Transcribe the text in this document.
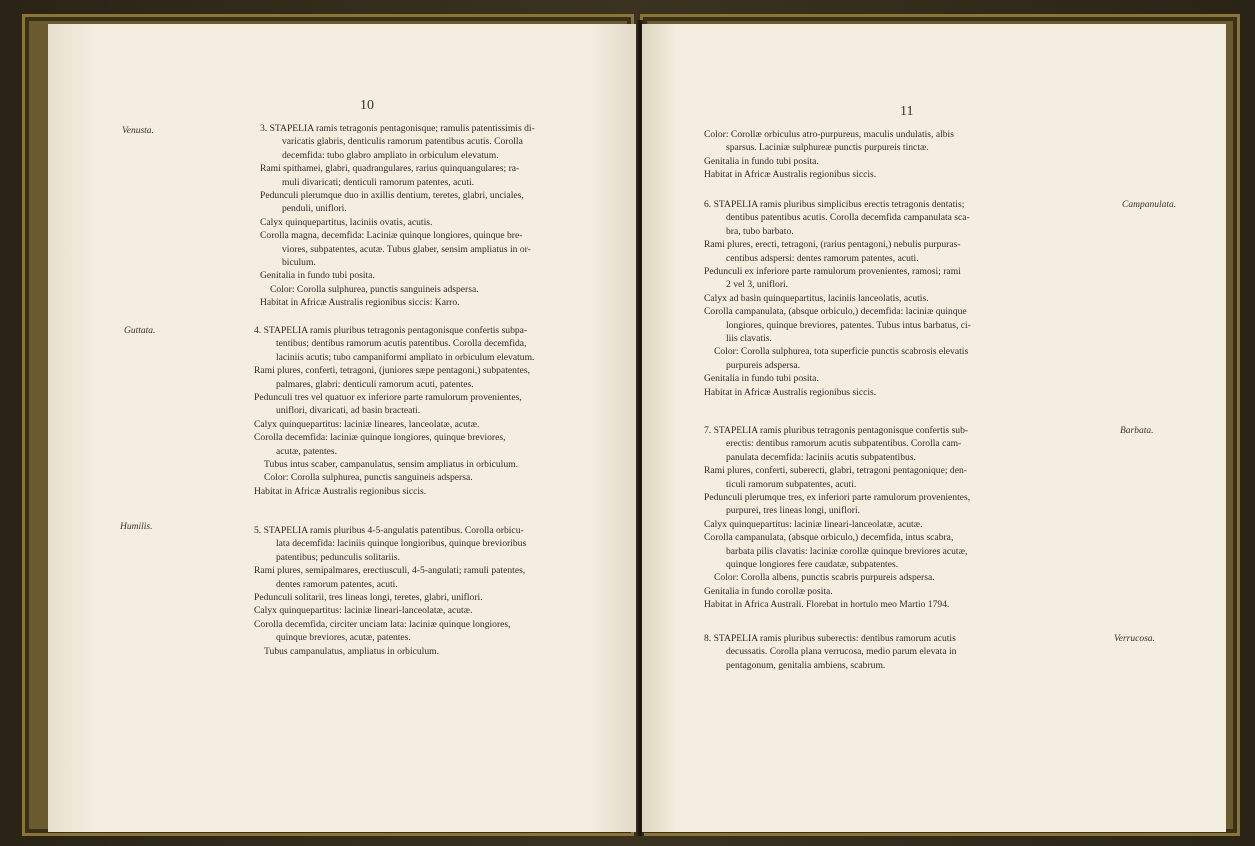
10
Venusta.	3. STAPELIA ramis tetragonis pentagonisque; ramulis patentissimis di-
varicatis glabris, denticulis ramorum patentibus acutis. Corolla
decemfida: tubo glabro ampliato in orbiculum elevatum.
Rami spithamei, glabri, quadrangulares, rarius quinquangulares; ra-
muli divaricati; denticuli ramorum patentes, acuti.
Pedunculi plerumque duo in axillis dentium, teretes, glabri, unciales,
penduli, uniflori.
Calyx quinquepartitus, laciniis ovatis, acutis.
Corolla magna, decemfida: Laciniæ quinque longiores, quinque bre-
viores, subpatentes, acutæ. Tubus glaber, sensim ampliatus in or-
biculum.
Genitalia in fundo tubi posita.
Color: Corolla sulphurea, punctis sanguineis adspersa.
Habitat in Africæ Australis regionibus siccis: Karro.
Guttata.	4. STAPELIA ramis pluribus tetragonis pentagonisque confertis subpa-
tentibus; dentibus ramorum acutis patentibus. Corolla decemfida,
laciniis acutis; tubo campaniformi ampliato in orbiculum elevatum.
Rami plures, conferti, tetragoni, (juniores sæpe pentagoni,) subpatentes,
palmares, glabri: denticuli ramorum acuti, patentes.
Pedunculi tres vel quatuor ex inferiore parte ramulorum provenientes,
uniflori, divaricati, ad basin bracteati.
Calyx quinquepartitus: laciniæ lineares, lanceolatæ, acutæ.
Corolla decemfida: laciniæ quinque longiores, quinque breviores,
acutæ, patentes.
Tubus intus scaber, campanulatus, sensim ampliatus in orbiculum.
Color: Corolla sulphurea, punctis sanguineis adspersa.
Habitat in Africæ Australis regionibus siccis.
Humilis.	5. STAPELIA ramis pluribus 4-5-angulatis patentibus. Corolla orbicu-
lata decemfida: laciniis quinque longioribus, quinque brevioribus
patentibus; pedunculis solitariis.
Rami plures, semipalmares, erectiusculi, 4-5-angulati; ramuli patentes,
dentes ramorum patentes, acuti.
Pedunculi solitarii, tres lineas longi, teretes, glabri, uniflori.
Calyx quinquepartitus: laciniæ lineari-lanceolatæ, acutæ.
Corolla decemfida, circiter unciam lata: laciniæ quinque longiores,
quinque breviores, acutæ, patentes.
Tubus campanulatus, ampliatus in orbiculum.
11
Color: Corollæ orbiculus atro-purpureus, maculis undulatis, albis
sparsus. Laciniæ sulphureæ punctis purpureis tinctæ.
Genitalia in fundo tubi posita.
Habitat in Africæ Australis regionibus siccis.
Campanulata.
6. STAPELIA ramis pluribus simplicibus erectis tetragonis dentatis;
dentibus patentibus acutis. Corolla decemfida campanulata sca-
bra, tubo barbato.
Rami plures, erecti, tetragoni, (rarius pentagoni,) nebulis purpuras-
centibus adspersi: dentes ramorum patentes, acuti.
Pedunculi ex inferiore parte ramulorum provenientes, ramosi; rami
2 vel 3, uniflori.
Calyx ad basin quinquepartitus, laciniis lanceolatis, acutis.
Corolla campanulata, (absque orbiculo,) decemfida: laciniæ quinque
longiores, quinque breviores, patentes. Tubus intus barbatus, ci-
liis clavatis.
Color: Corolla sulphurea, tota superficie punctis scabrosis elevatis
purpureis adspersa.
Genitalia in fundo tubi posita.
Habitat in Africæ Australis regionibus siccis.
Barbata.
7. STAPELIA ramis pluribus tetragonis pentagonisque confertis sub-
erectis: dentibus ramorum acutis subpatentibus. Corolla cam-
panulata decemfida: laciniis acutis subpatentibus.
Rami plures, conferti, suberecti, glabri, tetragoni pentagonique; den-
ticuli ramorum subpatentes, acuti.
Pedunculi plerumque tres, ex inferiori parte ramulorum provenientes,
purpurei, tres lineas longi, uniflori.
Calyx quinquepartitus: laciniæ lineari-lanceolatæ, acutæ.
Corolla campanulata, (absque orbiculo,) decemfida, intus scabra,
barbata pilis clavatis: laciniæ corollæ quinque breviores acutæ,
quinque longiores fere caudatæ, subpatentes.
Color: Corolla albens, punctis scabris purpureis adspersa.
Genitalia in fundo corollæ posita.
Habitat in Africa Australi. Florebat in hortulo meo Martio 1794.
Verrucosa.
8. STAPELIA ramis pluribus suberectis: dentibus ramorum acutis
decussatis. Corolla plana verrucosa, medio parum elevata in
pentagonum, genitalia ambiens, scabrum.
